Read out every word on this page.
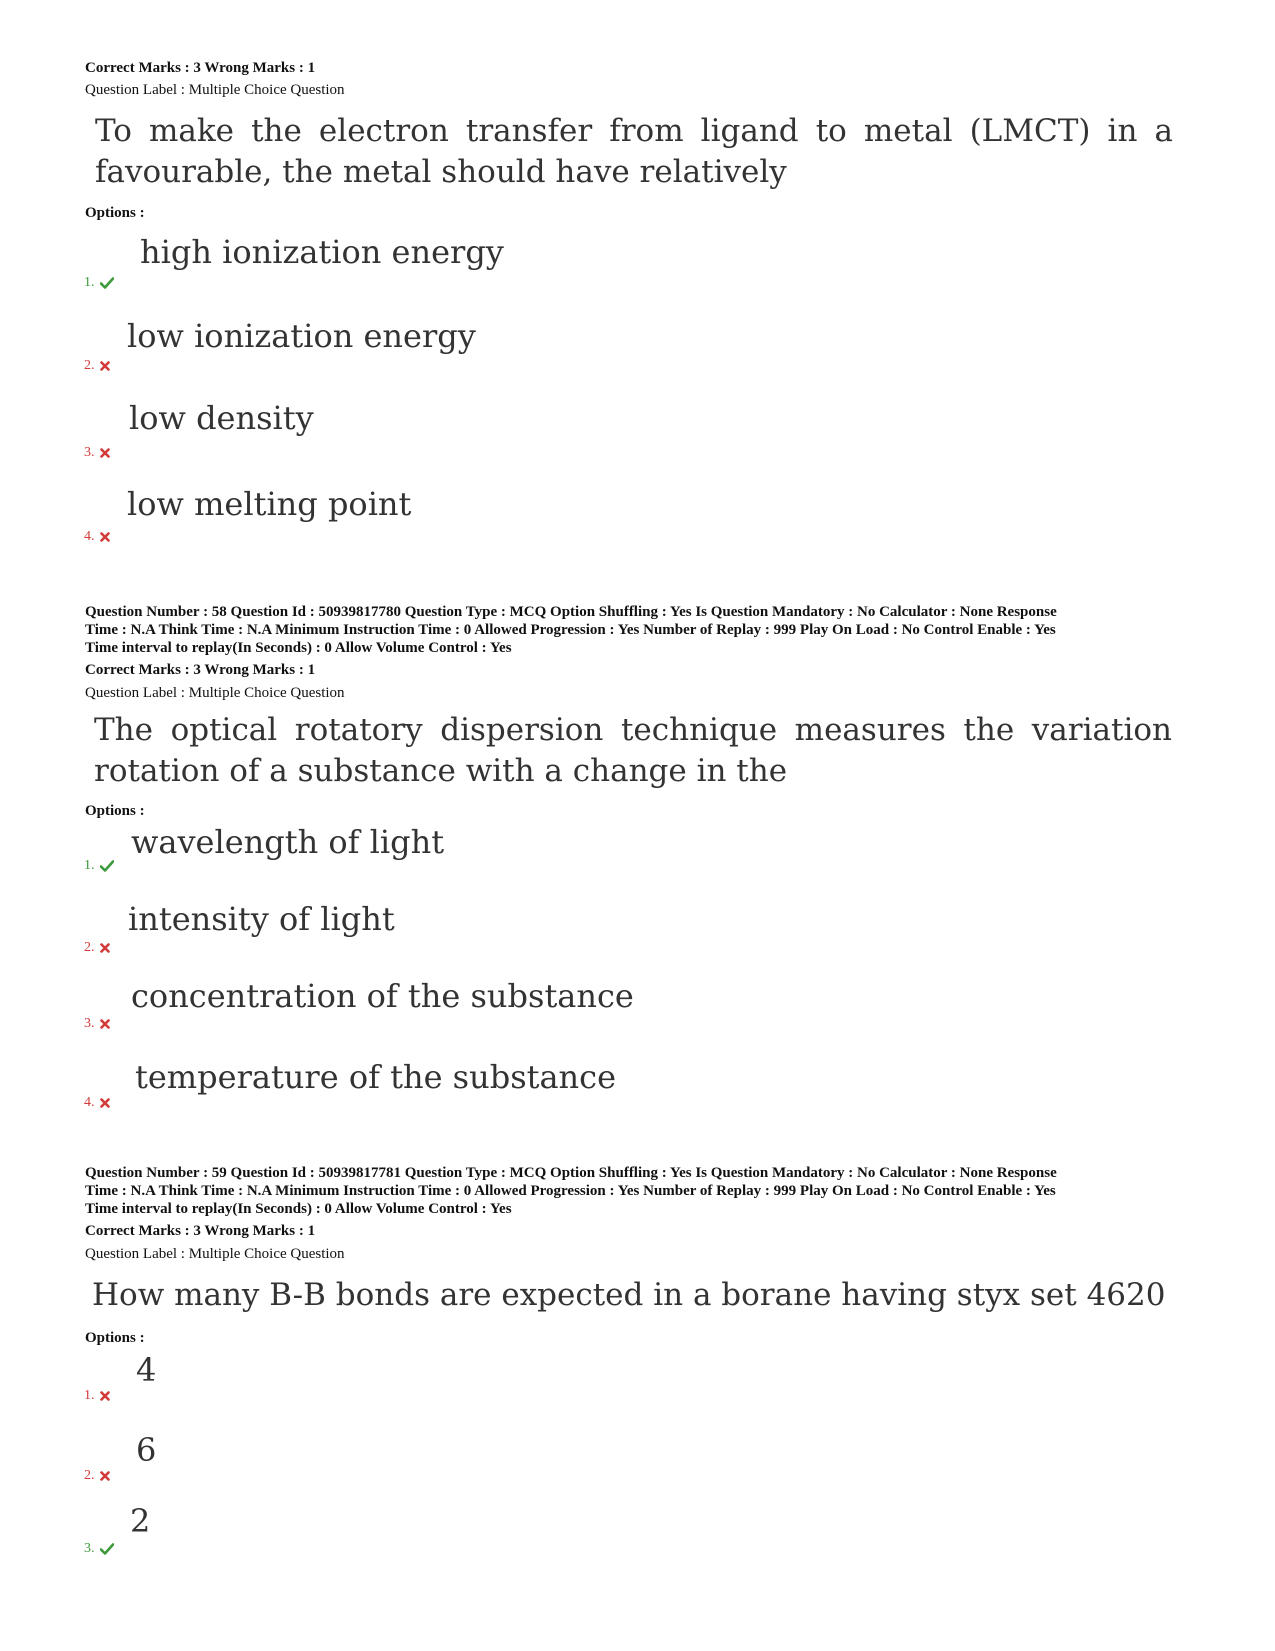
Correct Marks : 3 Wrong Marks : 1
Question Label : Multiple Choice Question
To make the electron transfer from ligand to metal (LMCT) in a
favourable, the metal should have relatively
Options :
high ionization energy
1.
low ionization energy
2.
low density
3.
low melting point
4.
Question Number : 58 Question Id : 50939817780 Question Type : MCQ Option Shuffling : Yes Is Question Mandatory : No Calculator : None Response
Time : N.A Think Time : N.A Minimum Instruction Time : 0 Allowed Progression : Yes Number of Replay : 999 Play On Load : No Control Enable : Yes
Time interval to replay(In Seconds) : 0 Allow Volume Control : Yes
Correct Marks : 3 Wrong Marks : 1
Question Label : Multiple Choice Question
The optical rotatory dispersion technique measures the variation
rotation of a substance with a change in the
Options :
wavelength of light
1.
intensity of light
2.
concentration of the substance
3.
temperature of the substance
4.
Question Number : 59 Question Id : 50939817781 Question Type : MCQ Option Shuffling : Yes Is Question Mandatory : No Calculator : None Response
Time : N.A Think Time : N.A Minimum Instruction Time : 0 Allowed Progression : Yes Number of Replay : 999 Play On Load : No Control Enable : Yes
Time interval to replay(In Seconds) : 0 Allow Volume Control : Yes
Correct Marks : 3 Wrong Marks : 1
Question Label : Multiple Choice Question
How many B-B bonds are expected in a borane having styx set 4620
Options :
4
1.
6
2.
2
3.
